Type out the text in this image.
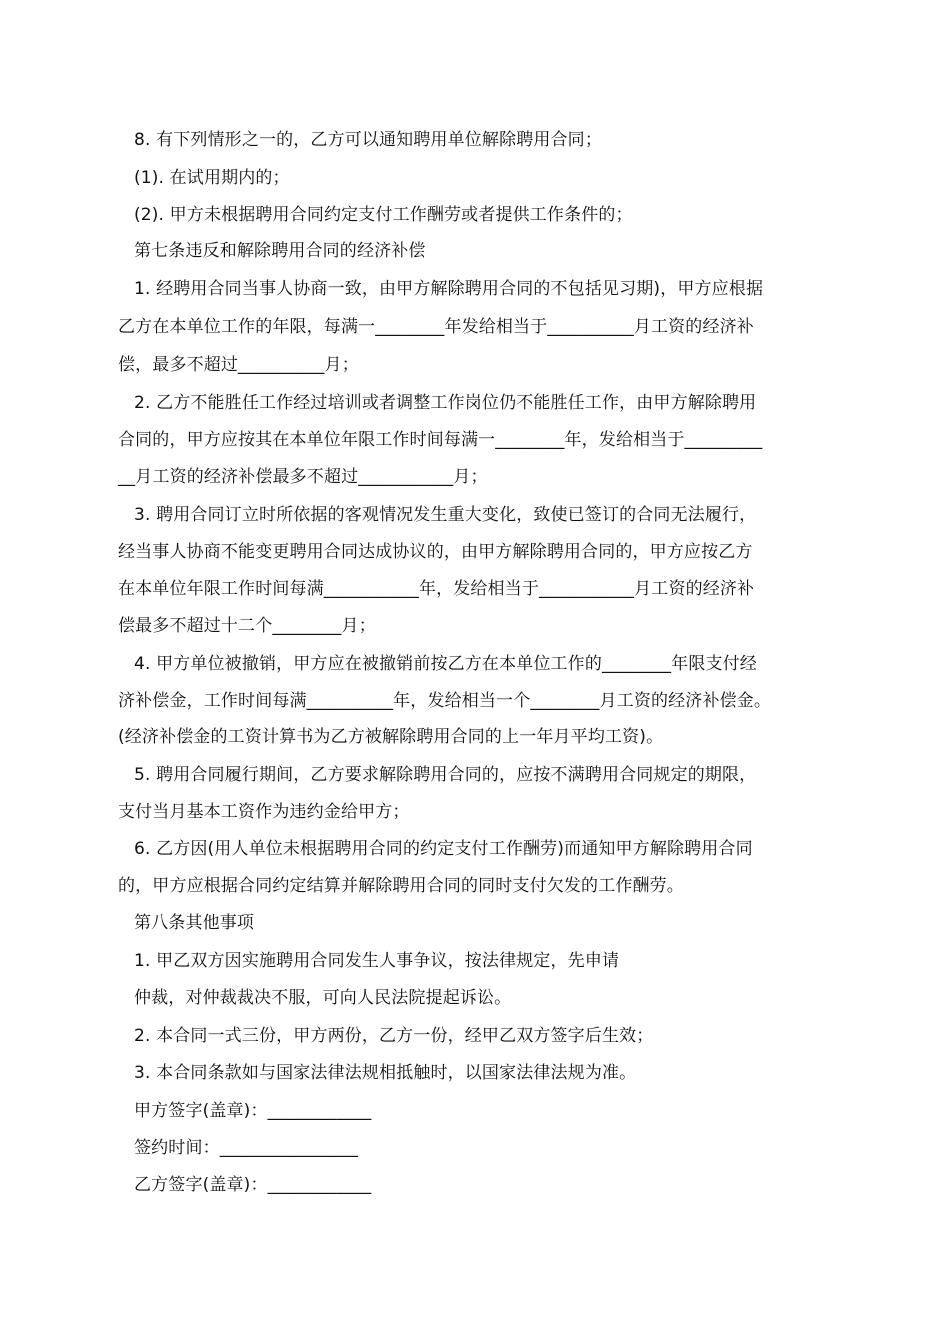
8. 有下列情形之一的，乙方可以通知聘用单位解除聘用合同；
(1). 在试用期内的；
(2). 甲方未根据聘用合同约定支付工作酬劳或者提供工作条件的；
第七条违反和解除聘用合同的经济补偿
1. 经聘用合同当事人协商一致，由甲方解除聘用合同的不包括见习期)，甲方应根据
乙方在本单位工作的年限，每满一________年发给相当于__________月工资的经济补
偿，最多不超过__________月；
2. 乙方不能胜任工作经过培训或者调整工作岗位仍不能胜任工作，由甲方解除聘用
合同的，甲方应按其在本单位年限工作时间每满一________年，发给相当于_________
__月工资的经济补偿最多不超过___________月；
3. 聘用合同订立时所依据的客观情况发生重大变化，致使已签订的合同无法履行，
经当事人协商不能变更聘用合同达成协议的，由甲方解除聘用合同的，甲方应按乙方
在本单位年限工作时间每满___________年，发给相当于___________月工资的经济补
偿最多不超过十二个________月；
4. 甲方单位被撤销，甲方应在被撤销前按乙方在本单位工作的________年限支付经
济补偿金，工作时间每满__________年，发给相当一个________月工资的经济补偿金。
(经济补偿金的工资计算书为乙方被解除聘用合同的上一年月平均工资)。
5. 聘用合同履行期间，乙方要求解除聘用合同的，应按不满聘用合同规定的期限，
支付当月基本工资作为违约金给甲方；
6. 乙方因(用人单位未根据聘用合同的约定支付工作酬劳)而通知甲方解除聘用合同
的，甲方应根据合同约定结算并解除聘用合同的同时支付欠发的工作酬劳。
第八条其他事项
1. 甲乙双方因实施聘用合同发生人事争议，按法律规定，先申请
仲裁，对仲裁裁决不服，可向人民法院提起诉讼。
2. 本合同一式三份，甲方两份，乙方一份，经甲乙双方签字后生效；
3. 本合同条款如与国家法律法规相抵触时，以国家法律法规为准。
甲方签字(盖章)：____________
签约时间：________________
乙方签字(盖章)：____________
